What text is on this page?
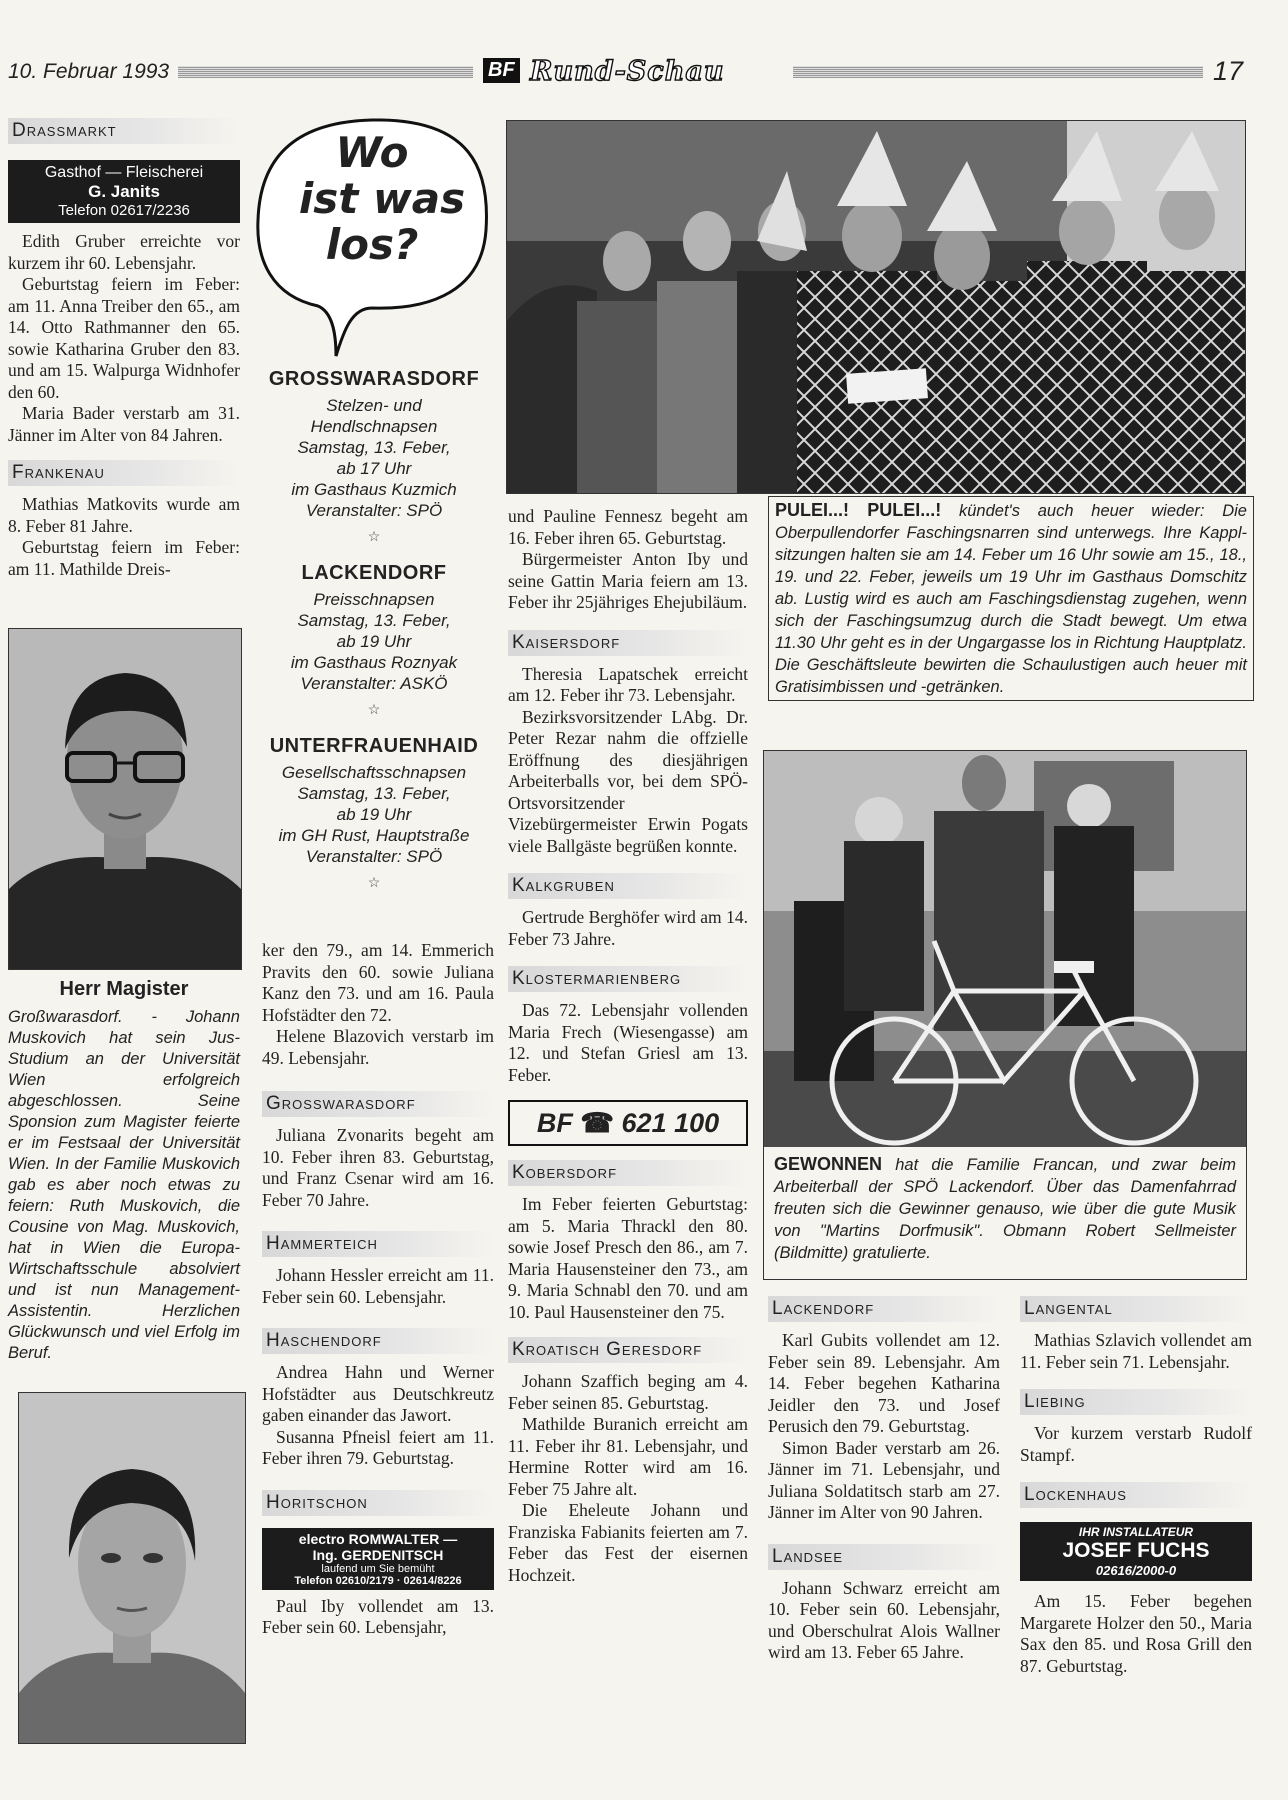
10. Februar 1993	BF Rund-Schau	17
Drassmarkt
Gasthof — Fleischerei
G. Janits
Telefon 02617/2236

Edith Gruber erreichte vor kurzem ihr 60. Lebensjahr.

Geburtstag feiern im Feber: am 11. Anna Treiber den 65., am 14. Otto Rathmanner den 65. sowie Katharina Gruber den 83. und am 15. Walpurga Widnhofer den 60.

Maria Bader verstarb am 31. Jänner im Alter von 84 Jahren.

Frankenau

Mathias Matkovits wurde am 8. Feber 81 Jahre.

Geburtstag feiern im Feber: am 11. Mathilde Dreis-

Herr Magister
Großwarasdorf. - Johann Muskovich hat sein Jus-Studium an der Universität Wien erfolgreich abgeschlossen. Seine Sponsion zum Magister feierte er im Festsaal der Universität Wien. In der Familie Muskovich gab es aber noch etwas zu feiern: Ruth Muskovich, die Cousine von Mag. Muskovich, hat in Wien die Europa-Wirtschaftsschule absolviert und ist nun Management-Assistentin. Herzlichen Glückwunsch und viel Erfolg im Beruf.
Wo
ist was
los?
GROSSWARASDORF
Stelzen- und
Hendlschnapsen
Samstag, 13. Feber,
ab 17 Uhr
im Gasthaus Kuzmich
Veranstalter: SPÖ
☆
LACKENDORF
Preisschnapsen
Samstag, 13. Feber,
ab 19 Uhr
im Gasthaus Roznyak
Veranstalter: ASKÖ
☆
UNTERFRAUENHAID
Gesellschaftsschnapsen
Samstag, 13. Feber,
ab 19 Uhr
im GH Rust, Hauptstraße
Veranstalter: SPÖ
☆

ker den 79., am 14. Emmerich Pravits den 60. sowie Juliana Kanz den 73. und am 16. Paula Hofstädter den 72.

Helene Blazovich verstarb im 49. Lebensjahr.

Grosswarasdorf

Juliana Zvonarits begeht am 10. Feber ihren 83. Geburtstag, und Franz Csenar wird am 16. Feber 70 Jahre.

Hammerteich

Johann Hessler erreicht am 11. Feber sein 60. Lebensjahr.

Haschendorf

Andrea Hahn und Werner Hofstädter aus Deutschkreutz gaben einander das Jawort.

Susanna Pfneisl feiert am 11. Feber ihren 79. Geburtstag.

Horitschon
electro ROMWALTER —
Ing. GERDENITSCH
laufend um Sie bemüht
Telefon 02610/2179 · 02614/8226

Paul Iby vollendet am 13. Feber sein 60. Lebensjahr,

und Pauline Fennesz begeht am 16. Feber ihren 65. Geburtstag.

Bürgermeister Anton Iby und seine Gattin Maria feiern am 13. Feber ihr 25jähriges Ehejubiläum.

Kaisersdorf

Theresia Lapatschek erreicht am 12. Feber ihr 73. Lebensjahr.

Bezirksvorsitzender LAbg. Dr. Peter Rezar nahm die offzielle Eröffnung des diesjährigen Arbeiterballs vor, bei dem SPÖ-Ortsvorsitzender Vizebürgermeister Erwin Pogats viele Ballgäste begrüßen konnte.

Kalkgruben

Gertrude Berghöfer wird am 14. Feber 73 Jahre.

Klostermarienberg

Das 72. Lebensjahr vollenden Maria Frech (Wiesengasse) am 12. und Stefan Griesl am 13. Feber.

BF ☎ 621 100
Kobersdorf

Im Feber feierten Geburtstag: am 5. Maria Thrackl den 80. sowie Josef Presch den 86., am 7. Maria Hausensteiner den 73., am 9. Maria Schnabl den 70. und am 10. Paul Hausensteiner den 75.

Kroatisch Geresdorf

Johann Szaffich beging am 4. Feber seinen 85. Geburtstag.

Mathilde Buranich erreicht am 11. Feber ihr 81. Lebensjahr, und Hermine Rotter wird am 16. Feber 75 Jahre alt.

Die Eheleute Johann und Franziska Fabianits feierten am 7. Feber das Fest der eisernen Hochzeit.

PULEI...! PULEI...! kündet's auch heuer wieder: Die Oberpullendorfer Faschingsnarren sind unterwegs. Ihre Kapplsitzungen halten sie am 14. Feber um 16 Uhr sowie am 15., 18., 19. und 22. Feber, jeweils um 19 Uhr im Gasthaus Domschitz ab. Lustig wird es auch am Faschingsdienstag zugehen, wenn sich der Faschingsumzug durch die Stadt bewegt. Um etwa 11.30 Uhr geht es in der Ungargasse los in Richtung Hauptplatz. Die Geschäftsleute bewirten die Schaulustigen auch heuer mit Gratisimbissen und -getränken.
GEWONNEN hat die Familie Francan, und zwar beim Arbeiterball der SPÖ Lackendorf. Über das Damenfahrrad freuten sich die Gewinner genauso, wie über die gute Musik von "Martins Dorfmusik". Obmann Robert Sellmeister (Bildmitte) gratulierte.
Lackendorf

Karl Gubits vollendet am 12. Feber sein 89. Lebensjahr. Am 14. Feber begehen Katharina Jeidler den 73. und Josef Perusich den 79. Geburtstag.

Simon Bader verstarb am 26. Jänner im 71. Lebensjahr, und Juliana Soldatitsch starb am 27. Jänner im Alter von 90 Jahren.

Landsee

Johann Schwarz erreicht am 10. Feber sein 60. Lebensjahr, und Oberschulrat Alois Wallner wird am 13. Feber 65 Jahre.

Langental

Mathias Szlavich vollendet am 11. Feber sein 71. Lebensjahr.

Liebing

Vor kurzem verstarb Rudolf Stampf.

Lockenhaus
IHR INSTALLATEUR
JOSEF FUCHS
02616/2000-0

Am 15. Feber begehen Margarete Holzer den 50., Maria Sax den 85. und Rosa Grill den 87. Geburtstag.
